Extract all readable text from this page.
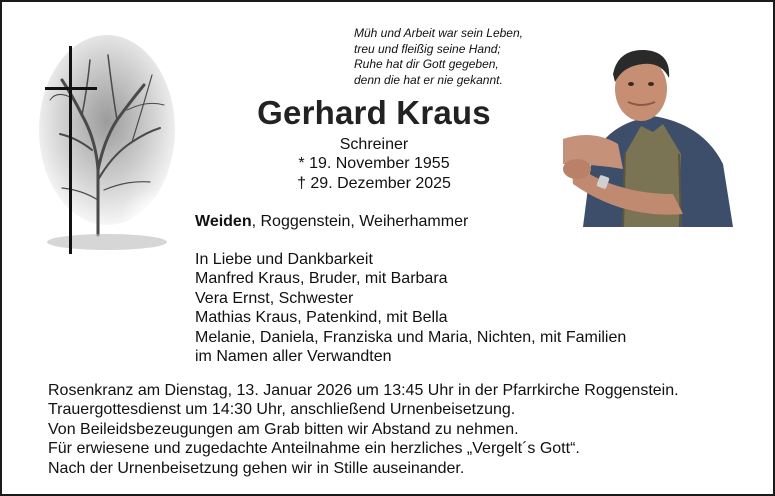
Müh und Arbeit war sein Leben,
treu und fleißig seine Hand;
Ruhe hat dir Gott gegeben,
denn die hat er nie gekannt.
Gerhard Kraus
Schreiner
* 19. November 1955
† 29. Dezember 2025
Weiden, Roggenstein, Weiherhammer
In Liebe und Dankbarkeit
Manfred Kraus, Bruder, mit Barbara
Vera Ernst, Schwester
Mathias Kraus, Patenkind, mit Bella
Melanie, Daniela, Franziska und Maria, Nichten, mit Familien
im Namen aller Verwandten
Rosenkranz am Dienstag, 13. Januar 2026 um 13:45 Uhr in der Pfarrkirche Roggenstein.
Trauergottesdienst um 14:30 Uhr, anschließend Urnenbeisetzung.
Von Beileidsbezeugungen am Grab bitten wir Abstand zu nehmen.
Für erwiesene und zugedachte Anteilnahme ein herzliches „Vergelt´s Gott“.
Nach der Urnenbeisetzung gehen wir in Stille auseinander.
